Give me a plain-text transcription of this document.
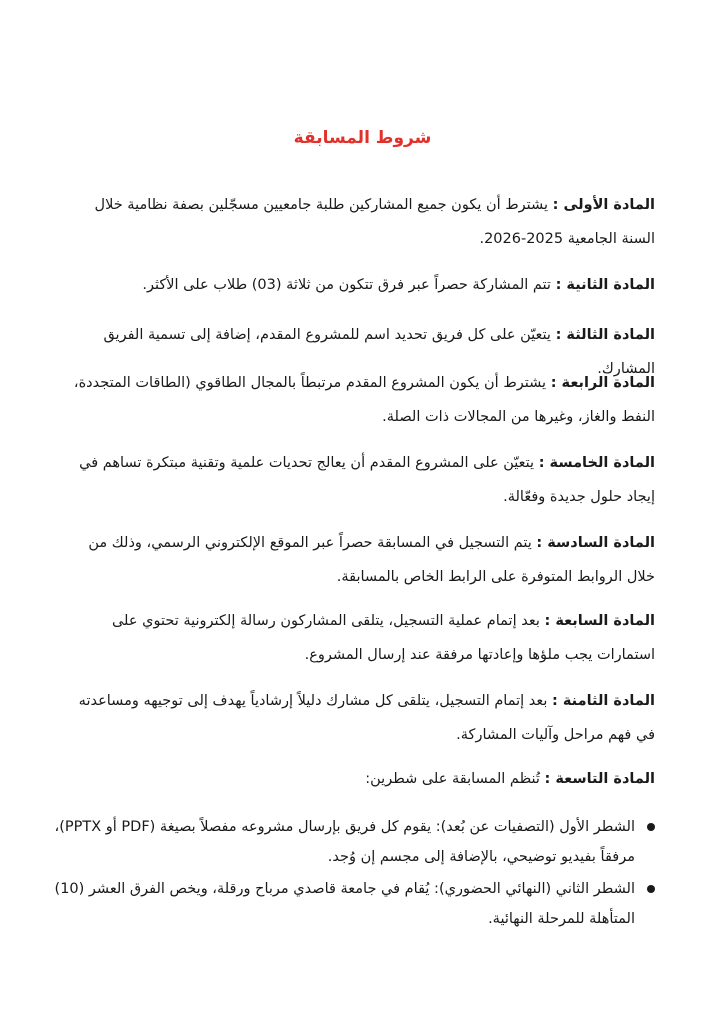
شروط المسابقة

المادة الأولى : يشترط أن يكون جميع المشاركين طلبة جامعيين مسجّلين بصفة نظامية خلال السنة الجامعية 2025-2026.

المادة الثانية : تتم المشاركة حصراً عبر فرق تتكون من ثلاثة (03) طلاب على الأكثر.

المادة الثالثة : يتعيّن على كل فريق تحديد اسم للمشروع المقدم، إضافة إلى تسمية الفريق المشارك.

المادة الرابعة : يشترط أن يكون المشروع المقدم مرتبطاً بالمجال الطاقوي (الطاقات المتجددة، النفط والغاز، وغيرها من المجالات ذات الصلة.

المادة الخامسة : يتعيّن على المشروع المقدم أن يعالج تحديات علمية وتقنية مبتكرة تساهم في إيجاد حلول جديدة وفعّالة.

المادة السادسة : يتم التسجيل في المسابقة حصراً عبر الموقع الإلكتروني الرسمي، وذلك من خلال الروابط المتوفرة على الرابط الخاص بالمسابقة.

المادة السابعة : بعد إتمام عملية التسجيل، يتلقى المشاركون رسالة إلكترونية تحتوي على استمارات يجب ملؤها وإعادتها مرفقة عند إرسال المشروع.

المادة الثامنة : بعد إتمام التسجيل، يتلقى كل مشارك دليلاً إرشادياً يهدف إلى توجيهه ومساعدته في فهم مراحل وآليات المشاركة.

المادة التاسعة : تُنظم المسابقة على شطرين:

الشطر الأول (التصفيات عن بُعد): يقوم كل فريق بإرسال مشروعه مفصلاً بصيغة (PDF أو PPTX)، مرفقاً بفيديو توضيحي، بالإضافة إلى مجسم إن وُجد.
الشطر الثاني (النهائي الحضوري): يُقام في جامعة قاصدي مرباح ورقلة، ويخص الفرق العشر (10) المتأهلة للمرحلة النهائية.
